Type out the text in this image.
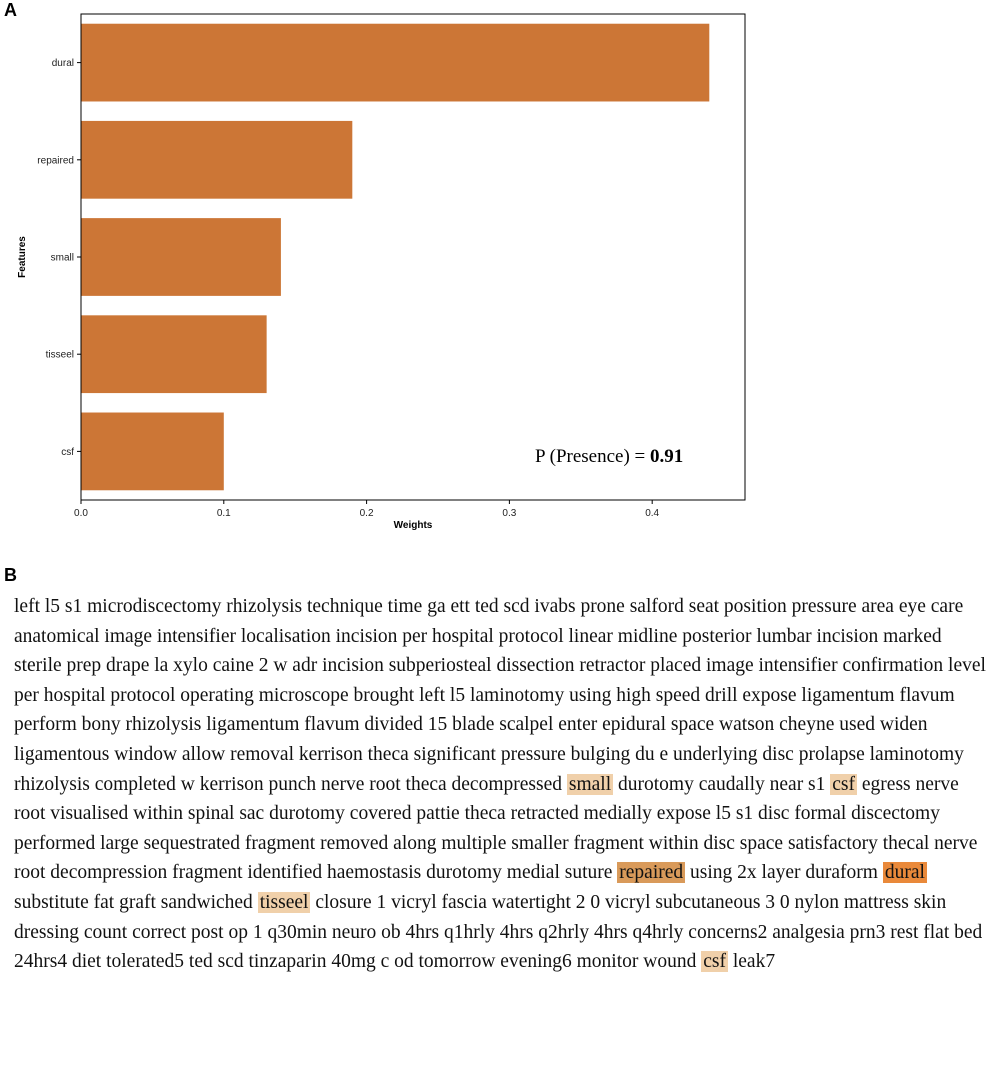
A
0.0	0.1	0.2	0.3	0.4
dural
repaired
small
tisseel
csf
Weights
Features
P (Presence) = 0.91
B
left l5 s1 microdiscectomy rhizolysis technique time ga ett ted scd ivabs prone salford seat position pressure area eye care anatomical image intensifier localisation incision per hospital protocol linear midline posterior lumbar incision marked sterile prep drape la xylo caine 2 w adr incision subperiosteal dissection retractor placed image intensifier confirmation level per hospital protocol operating microscope brought left l5 laminotomy using high speed drill expose ligamentum flavum perform bony rhizolysis ligamentum flavum divided 15 blade scalpel enter epidural space watson cheyne used widen ligamentous window allow removal kerrison theca significant pressure bulging du e underlying disc prolapse laminotomy rhizolysis completed w kerrison punch nerve root theca decompressed small durotomy caudally near s1 csf egress nerve root visualised within spinal sac durotomy covered pattie theca retracted medially expose l5 s1 disc formal discectomy performed large sequestrated fragment removed along multiple smaller fragment within disc space satisfactory thecal nerve root decompression fragment identified haemostasis durotomy medial suture repaired using 2x layer duraform dural substitute fat graft sandwiched tisseel closure 1 vicryl fascia watertight 2 0 vicryl subcutaneous 3 0 nylon mattress skin dressing count correct post op 1 q30min neuro ob 4hrs q1hrly 4hrs q2hrly 4hrs q4hrly concerns2 analgesia prn3 rest flat bed 24hrs4 diet tolerated5 ted scd tinzaparin 40mg c od tomorrow evening6 monitor wound csf leak7
